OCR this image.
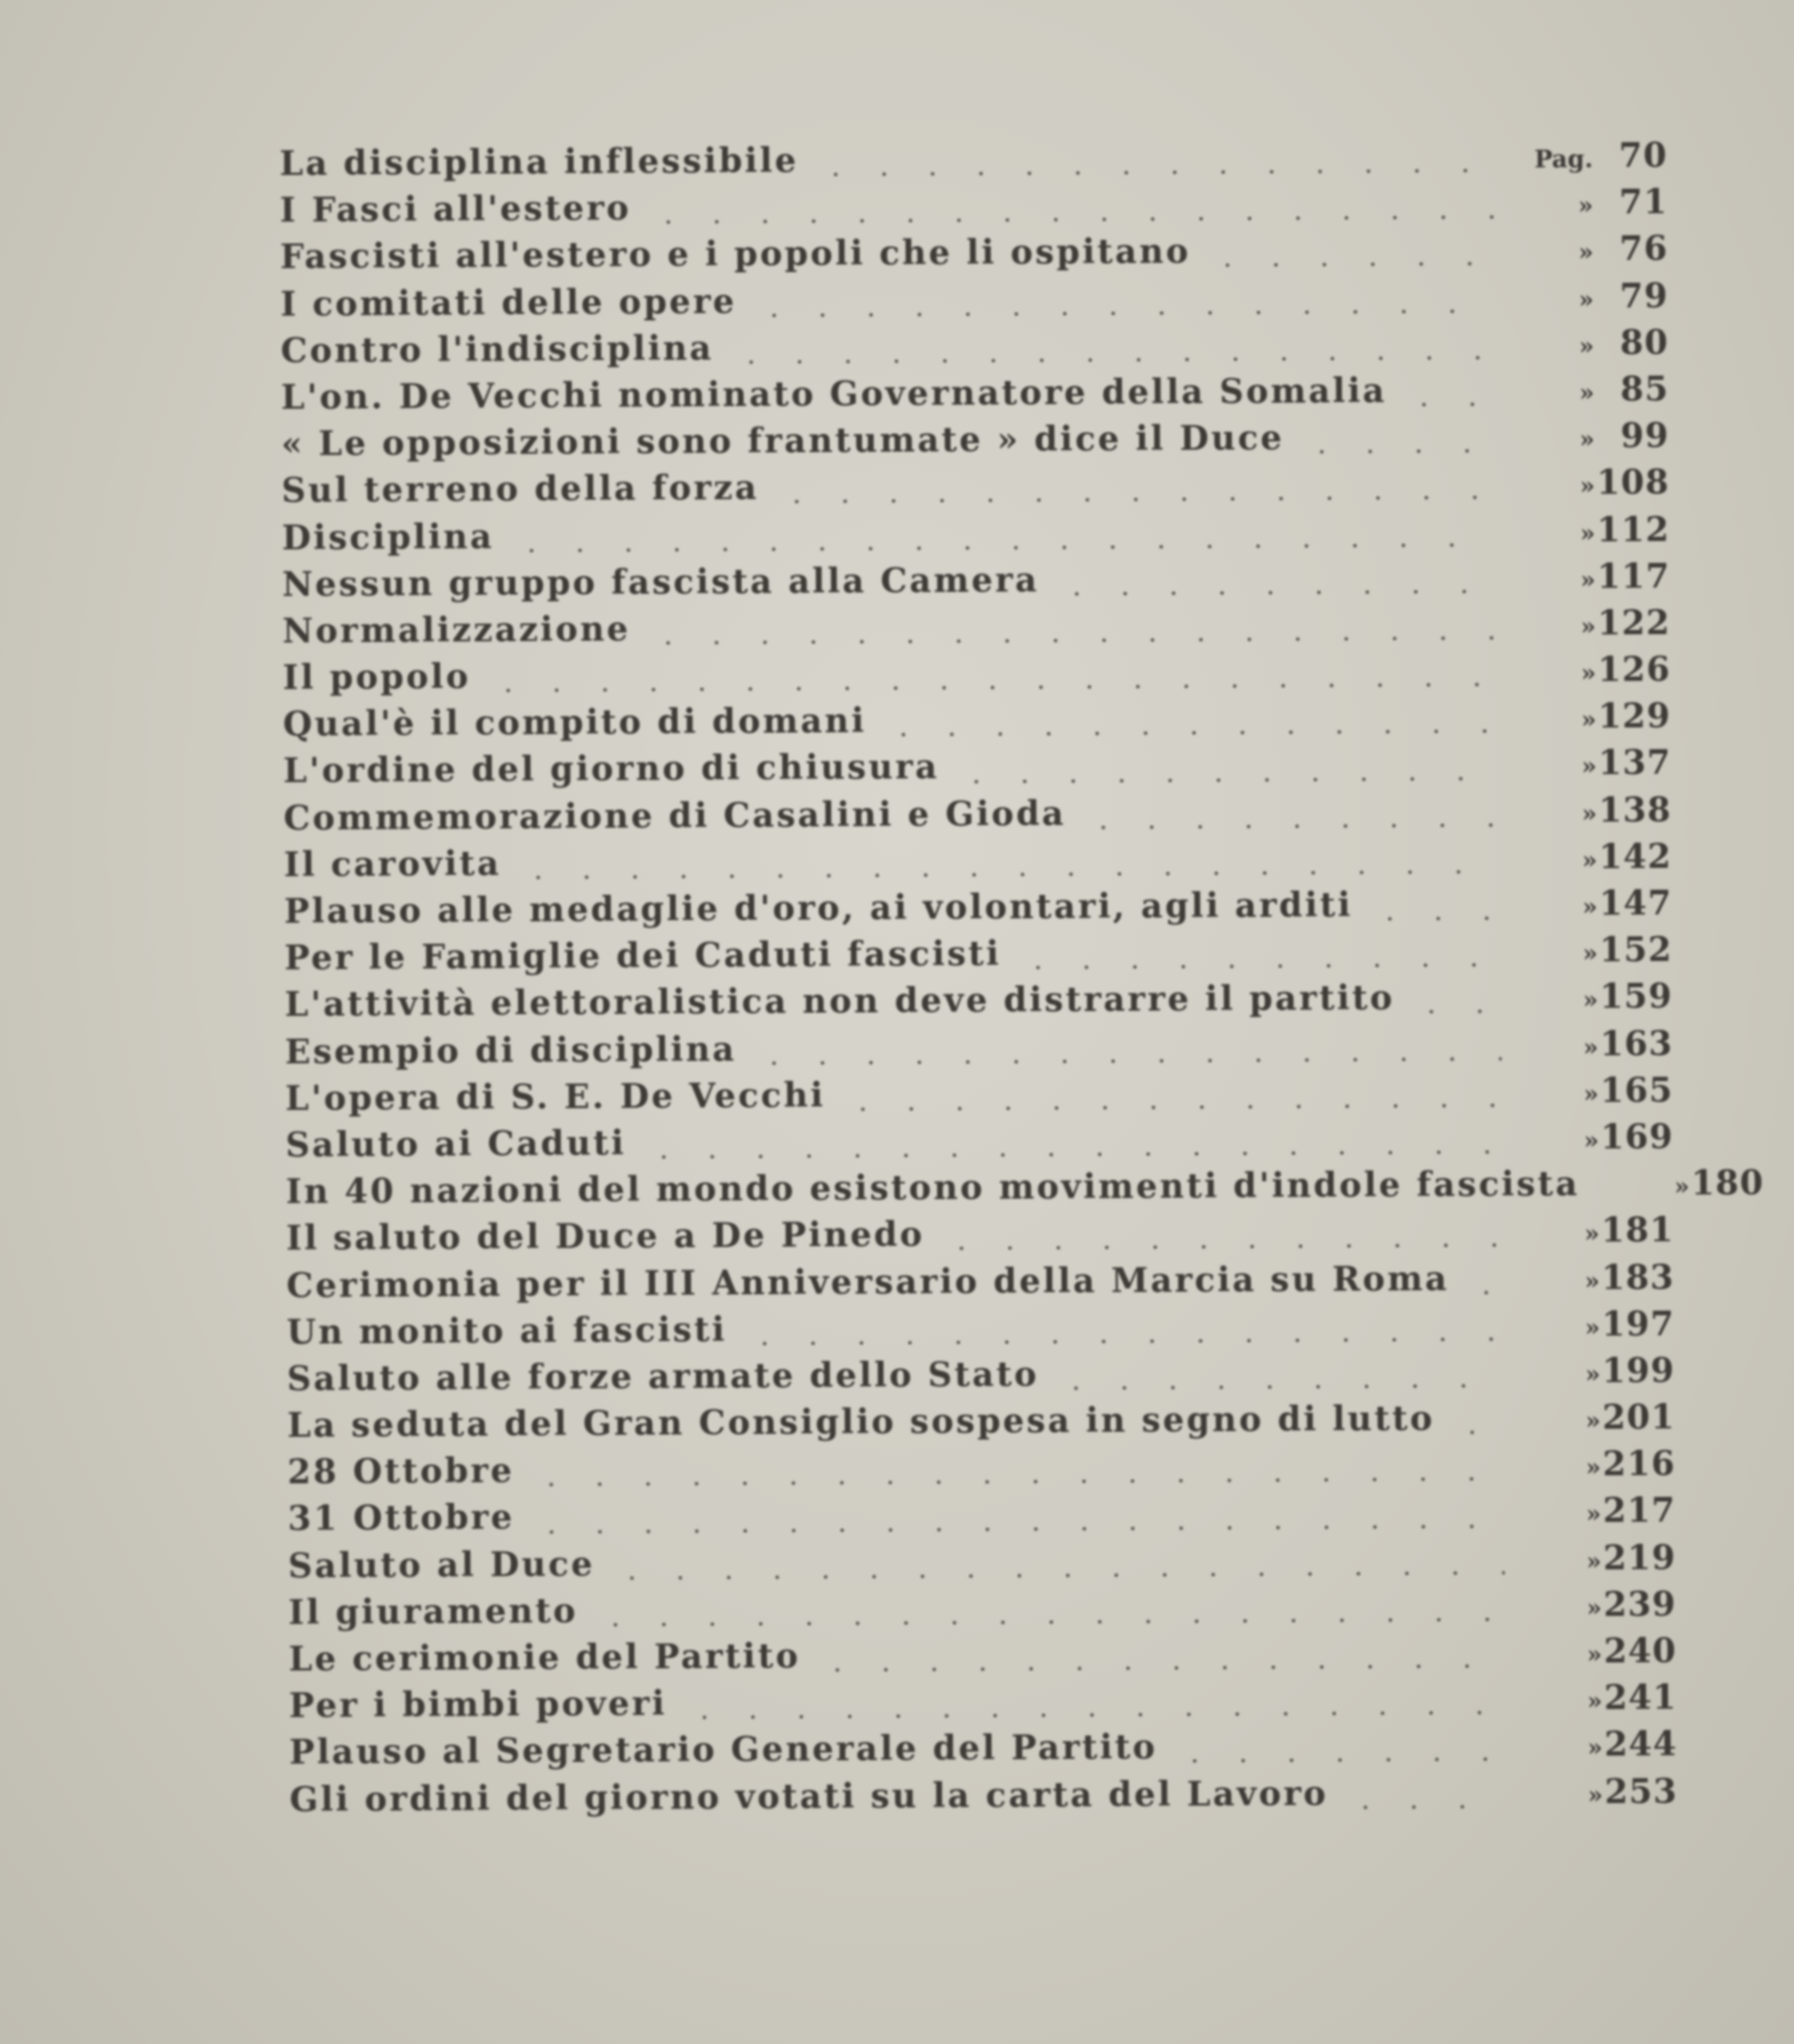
La disciplina inflessibile	Pag. 70
I Fasci all'estero	» 71
Fascisti all'estero e i popoli che li ospitano	» 76
I comitati delle opere	» 79
Contro l'indisciplina	» 80
L'on. De Vecchi nominato Governatore della Somalia	» 85
« Le opposizioni sono frantumate » dice il Duce	» 99
Sul terreno della forza	» 108
Disciplina	» 112
Nessun gruppo fascista alla Camera	» 117
Normalizzazione	» 122
Il popolo	» 126
Qual'è il compito di domani	» 129
L'ordine del giorno di chiusura	» 137
Commemorazione di Casalini e Gioda	» 138
Il carovita	» 142
Plauso alle medaglie d'oro, ai volontari, agli arditi	» 147
Per le Famiglie dei Caduti fascisti	» 152
L'attività elettoralistica non deve distrarre il partito	» 159
Esempio di disciplina	» 163
L'opera di S. E. De Vecchi	» 165
Saluto ai Caduti	» 169
In 40 nazioni del mondo esistono movimenti d'indole fascista	» 180
Il saluto del Duce a De Pinedo	» 181
Cerimonia per il III Anniversario della Marcia su Roma	» 183
Un monito ai fascisti	» 197
Saluto alle forze armate dello Stato	» 199
La seduta del Gran Consiglio sospesa in segno di lutto	» 201
28 Ottobre	» 216
31 Ottobre	» 217
Saluto al Duce	» 219
Il giuramento	» 239
Le cerimonie del Partito	» 240
Per i bimbi poveri	» 241
Plauso al Segretario Generale del Partito	» 244
Gli ordini del giorno votati su la carta del Lavoro	» 253
